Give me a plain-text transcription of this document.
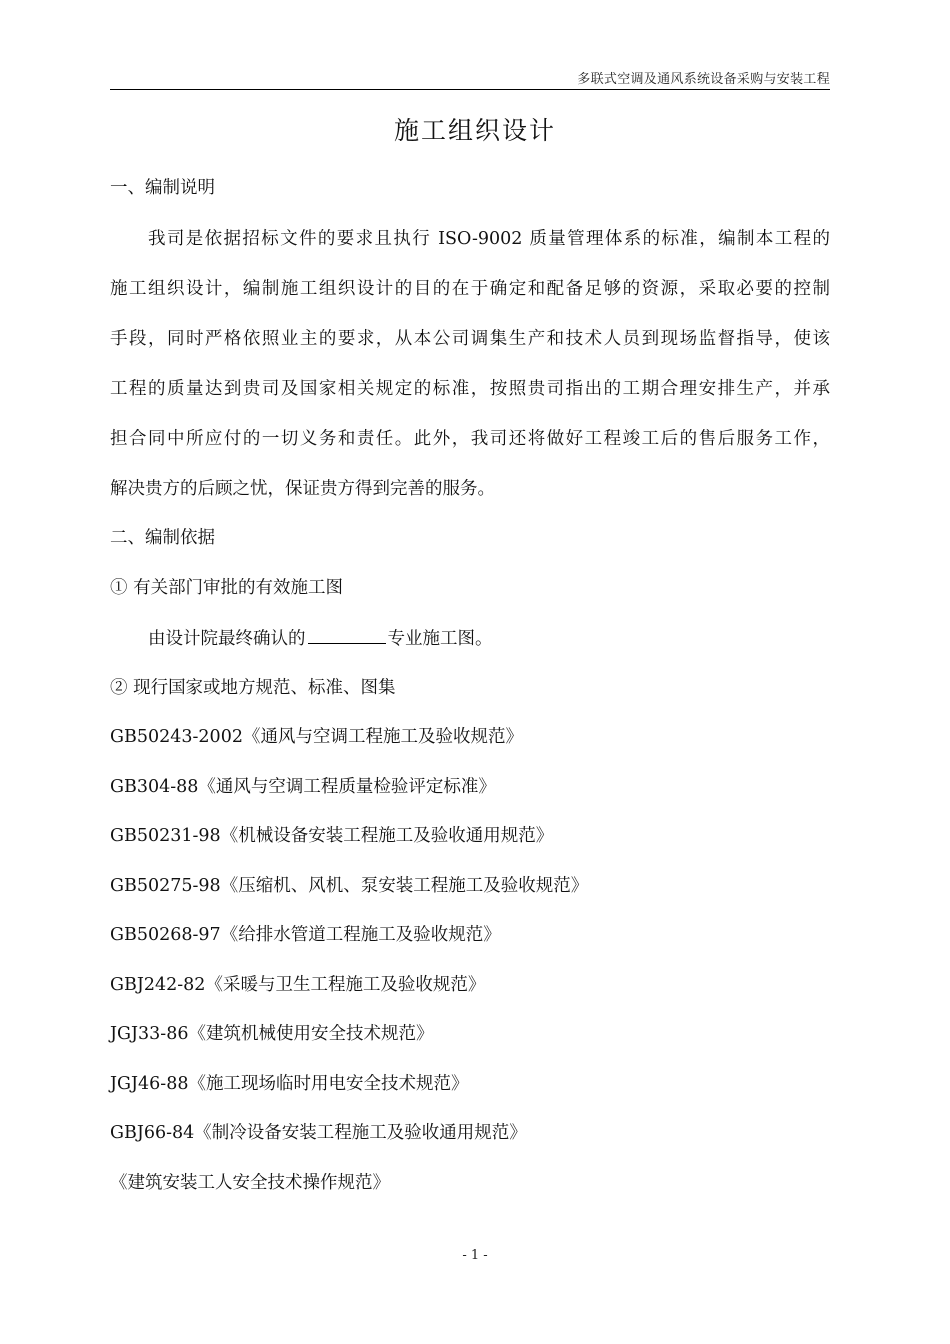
多联式空调及通风系统设备采购与安装工程
施工组织设计
一、编制说明
我司是依据招标文件的要求且执行 ISO-9002 质量管理体系的标准，编制本工程的
施工组织设计，编制施工组织设计的目的在于确定和配备足够的资源，采取必要的控制
手段，同时严格依照业主的要求，从本公司调集生产和技术人员到现场监督指导，使该
工程的质量达到贵司及国家相关规定的标准，按照贵司指出的工期合理安排生产，并承
担合同中所应付的一切义务和责任。此外，我司还将做好工程竣工后的售后服务工作，
解决贵方的后顾之忧，保证贵方得到完善的服务。
二、编制依据
① 有关部门审批的有效施工图
由设计院最终确认的	专业施工图。
② 现行国家或地方规范、标准、图集
GB50243-2002《通风与空调工程施工及验收规范》
GB304-88《通风与空调工程质量检验评定标准》
GB50231-98《机械设备安装工程施工及验收通用规范》
GB50275-98《压缩机、风机、泵安装工程施工及验收规范》
GB50268-97《给排水管道工程施工及验收规范》
GBJ242-82《采暖与卫生工程施工及验收规范》
JGJ33-86《建筑机械使用安全技术规范》
JGJ46-88《施工现场临时用电安全技术规范》
GBJ66-84《制冷设备安装工程施工及验收通用规范》
《建筑安装工人安全技术操作规范》
- 1 -
